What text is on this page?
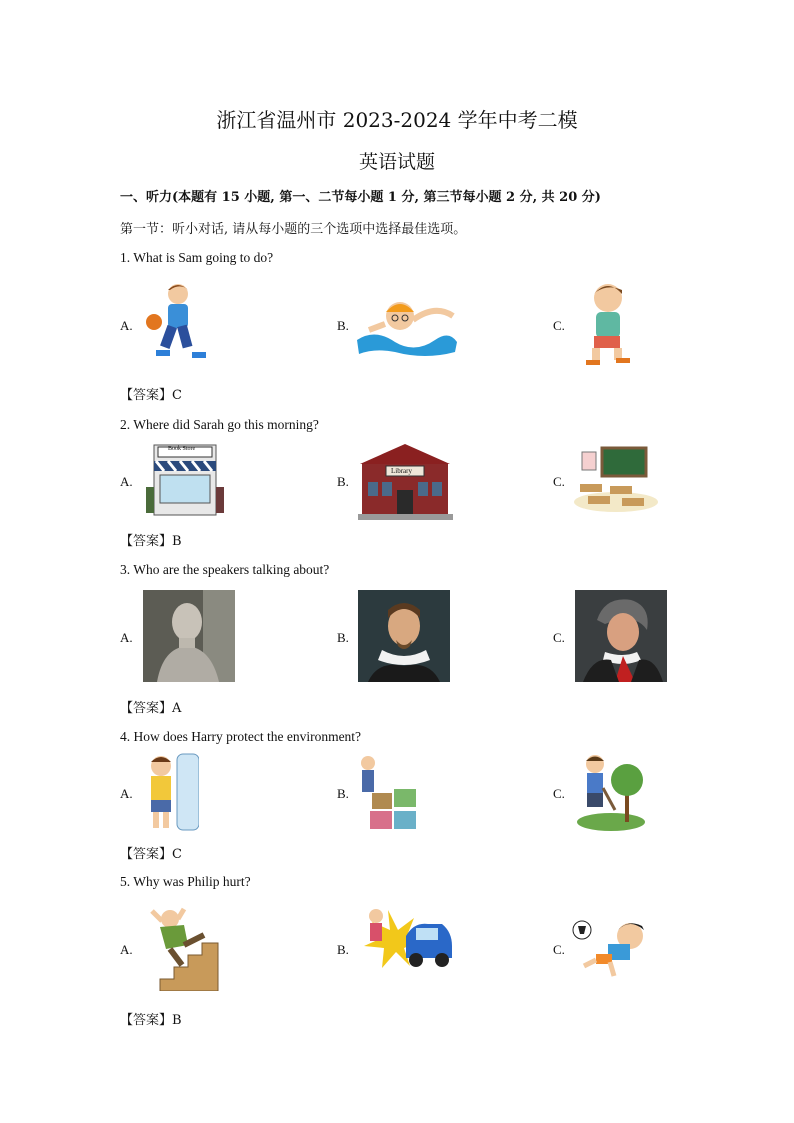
浙江省温州市 2023-2024 学年中考二模
英语试题
一、听力(本题有 15 小题, 第一、二节每小题 1 分, 第三节每小题 2 分, 共 20 分)
第一节：听小对话, 请从每小题的三个选项中选择最佳选项。
1. What is Sam going to do?
A.	B.	C.
【答案】C
2. Where did Sarah go this morning?
A.	B.	C.
Book Store
Library
【答案】B
3. Who are the speakers talking about?
A.	B.	C.
【答案】A
4. How does Harry protect the environment?
A.	B.	C.
【答案】C
5. Why was Philip hurt?
A.	B.	C.
【答案】B
